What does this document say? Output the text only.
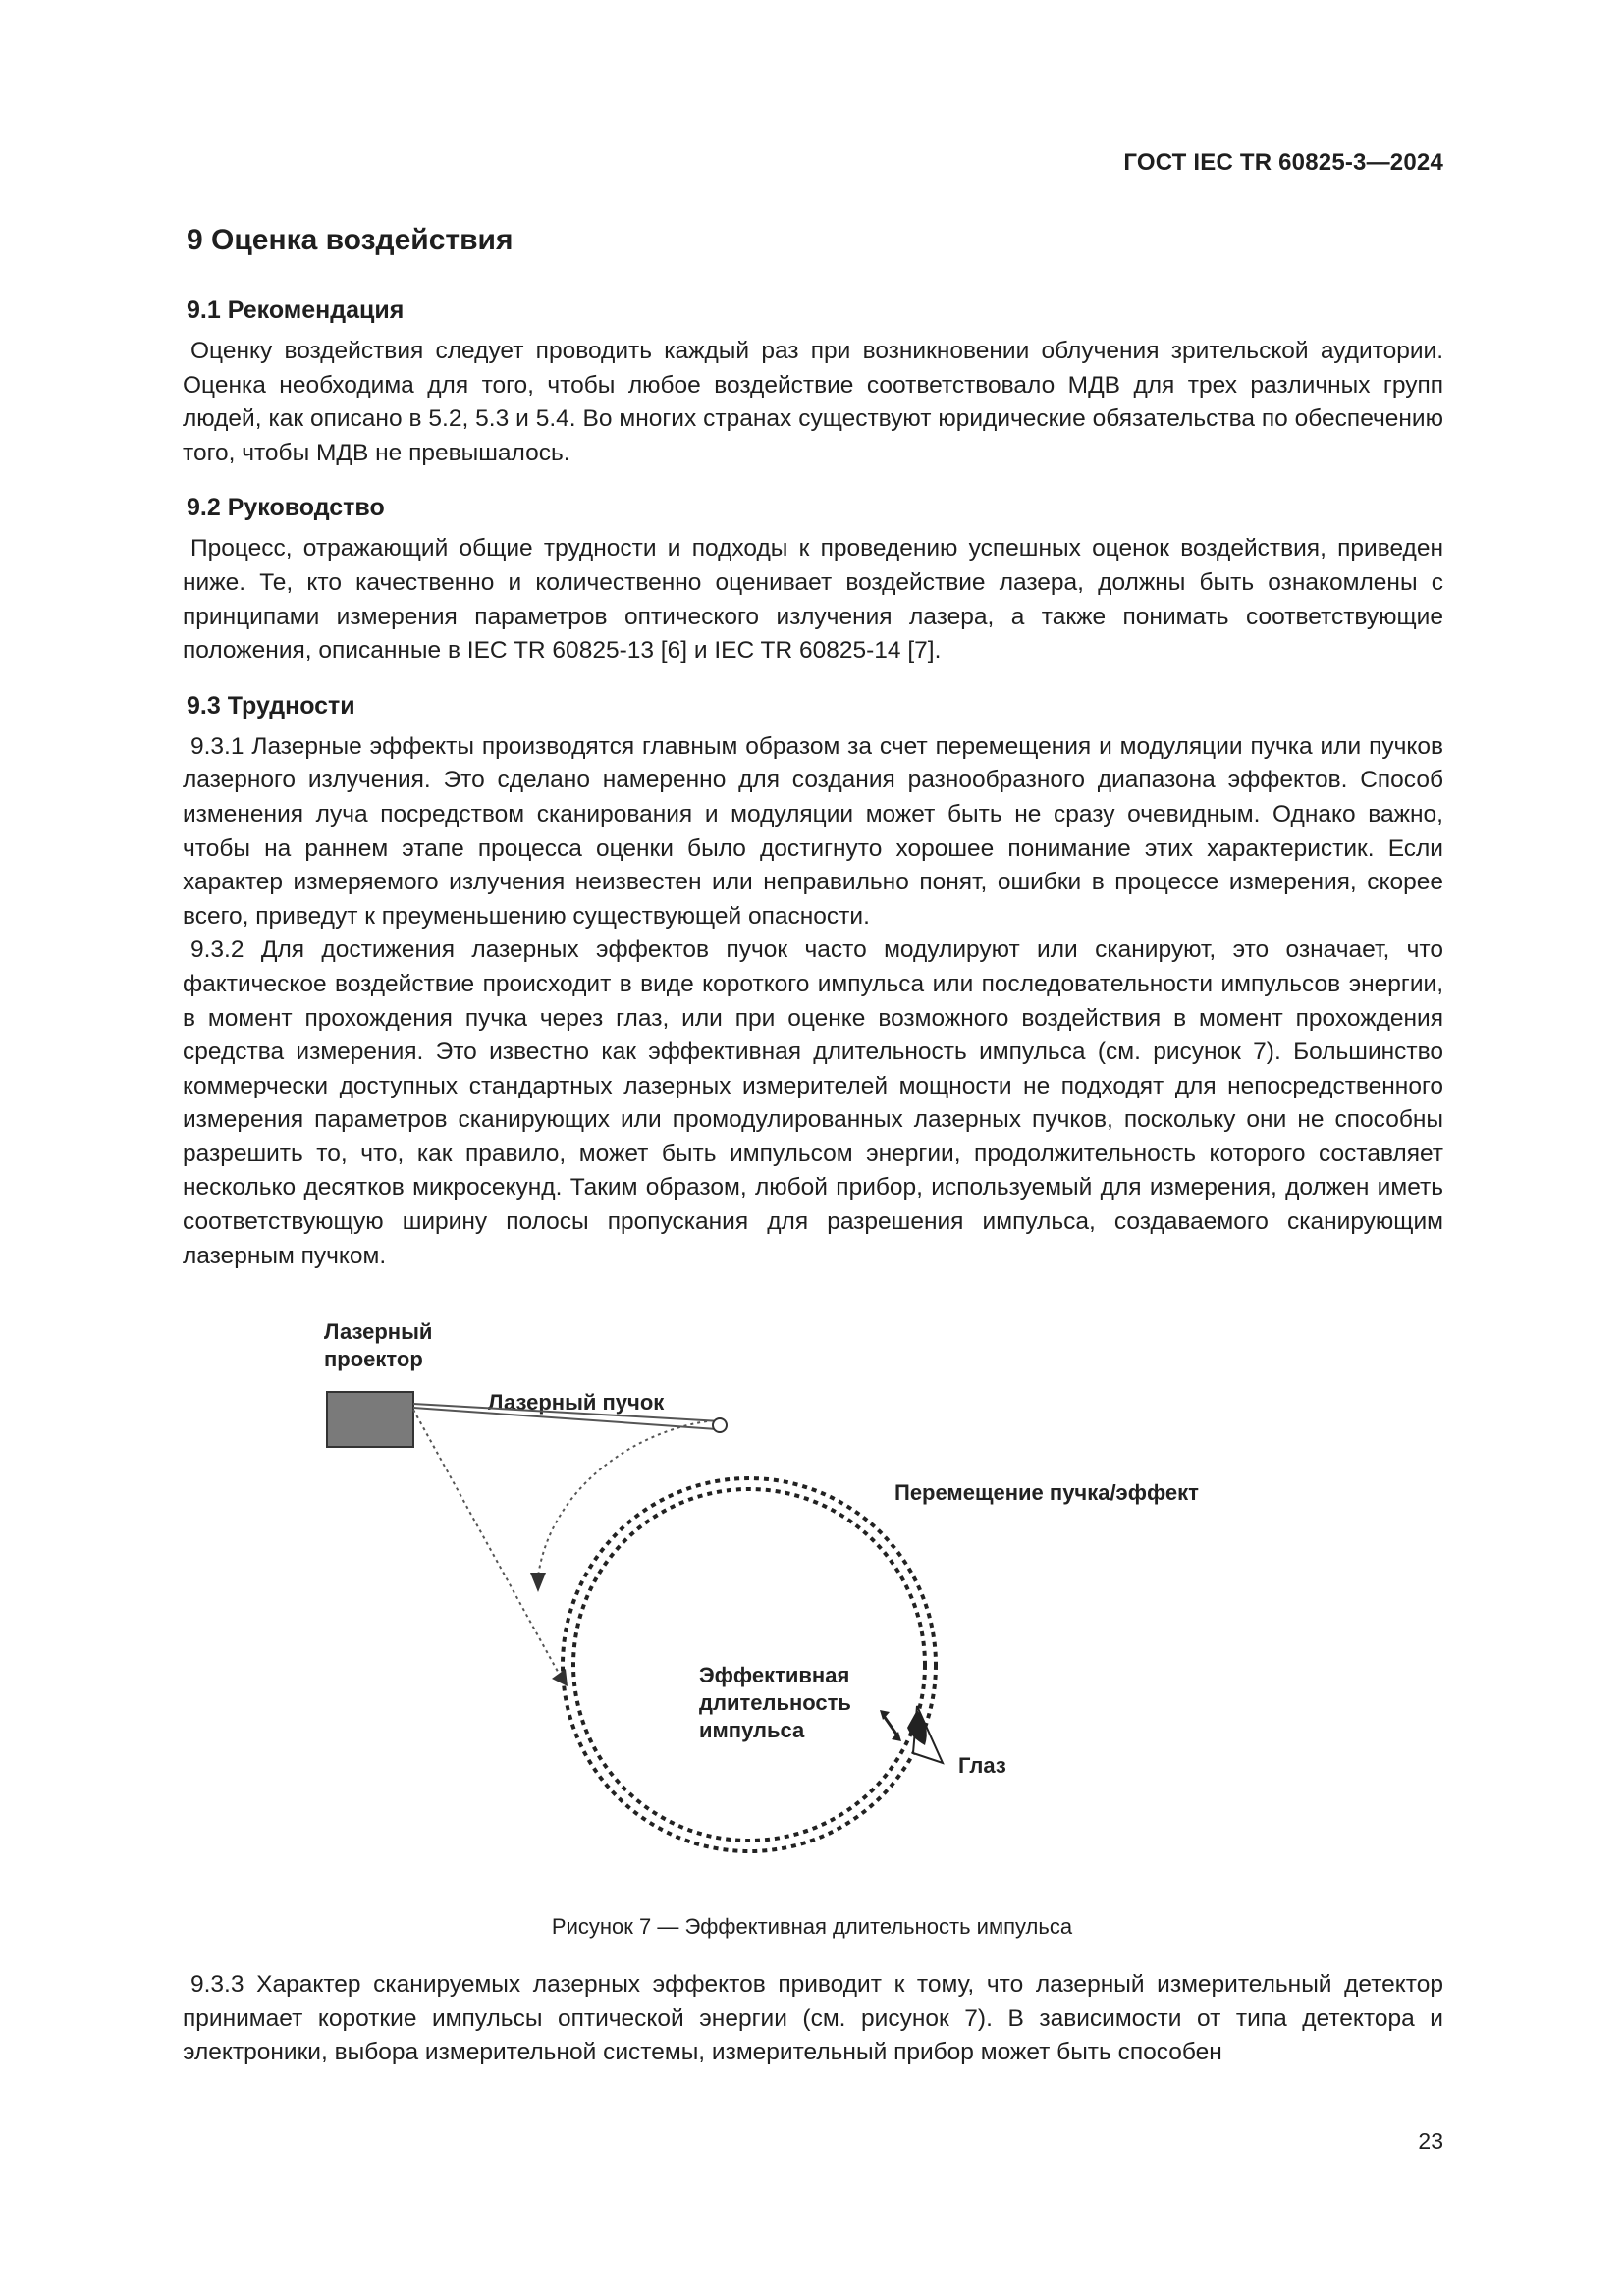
ГОСТ IEC TR 60825-3—2024
9 Оценка воздействия
9.1 Рекомендация
Оценку воздействия следует проводить каждый раз при возникновении облучения зрительской аудитории. Оценка необходима для того, чтобы любое воздействие соответствовало МДВ для трех различных групп людей, как описано в 5.2, 5.3 и 5.4. Во многих странах существуют юридические обязательства по обеспечению того, чтобы МДВ не превышалось.
9.2 Руководство
Процесс, отражающий общие трудности и подходы к проведению успешных оценок воздействия, приведен ниже. Те, кто качественно и количественно оценивает воздействие лазера, должны быть ознакомлены с принципами измерения параметров оптического излучения лазера, а также понимать соответствующие положения, описанные в IEC TR 60825-13 [6] и IEC TR 60825-14 [7].
9.3 Трудности
9.3.1 Лазерные эффекты производятся главным образом за счет перемещения и модуляции пучка или пучков лазерного излучения. Это сделано намеренно для создания разнообразного диапазона эффектов. Способ изменения луча посредством сканирования и модуляции может быть не сразу очевидным. Однако важно, чтобы на раннем этапе процесса оценки было достигнуто хорошее понимание этих характеристик. Если характер измеряемого излучения неизвестен или неправильно понят, ошибки в процессе измерения, скорее всего, приведут к преуменьшению существующей опасности.
9.3.2 Для достижения лазерных эффектов пучок часто модулируют или сканируют, это означает, что фактическое воздействие происходит в виде короткого импульса или последовательности импульсов энергии, в момент прохождения пучка через глаз, или при оценке возможного воздействия в момент прохождения средства измерения. Это известно как эффективная длительность импульса (см. рисунок 7). Большинство коммерчески доступных стандартных лазерных измерителей мощности не подходят для непосредственного измерения параметров сканирующих или промодулированных лазерных пучков, поскольку они не способны разрешить то, что, как правило, может быть импульсом энергии, продолжительность которого составляет несколько десятков микросекунд. Таким образом, любой прибор, используемый для измерения, должен иметь соответствующую ширину полосы пропускания для разрешения импульса, создаваемого сканирующим лазерным пучком.
Лазерный
проектор
Лазерный пучок
Перемещение пучка/эффект
Эффективная
длительность
импульса
Глаз
Рисунок 7 — Эффективная длительность импульса
9.3.3 Характер сканируемых лазерных эффектов приводит к тому, что лазерный измерительный детектор принимает короткие импульсы оптической энергии (см. рисунок 7). В зависимости от типа детектора и электроники, выбора измерительной системы, измерительный прибор может быть способен
23
